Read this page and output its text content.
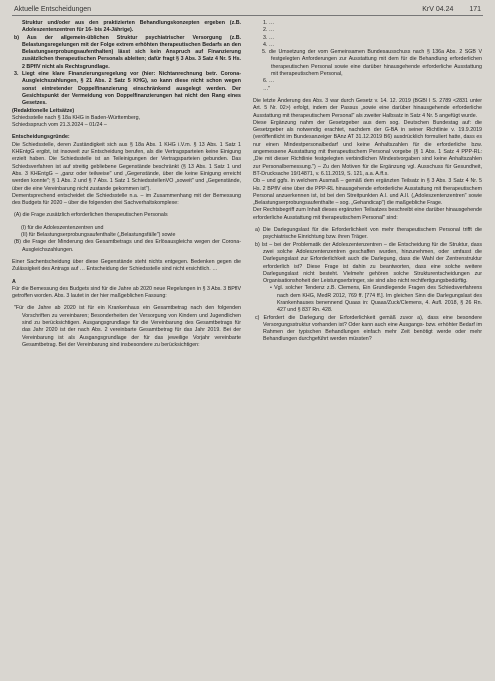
Aktuelle Entscheidungen	KrV 04.24 171

Struktur und/oder aus den praktizierten Behandlungskonzepten ergeben (z.B. Adoleszentenzentren für 16- bis 24-Jährige).

b) Aus der allgemein-üblichen Struktur psychiatrischer Versorgung (z.B. Belastungsregelungen mit der Folge extrem erhöhten therapeutischen Bedarfs an den Belastungserprobungsaufenthalten) lässt sich kein Anspruch auf Finanzierung zusätzlichen therapeutischen Personals ableiten; dafür fragt § 3 Abs. 3 Satz 4 Nr. 5 Hs. 2 BPflV nicht als Rechtsgrundlage.

3. Liegt eine klare Finanzierungsregelung vor (hier: Nichtanrechnung betr. Corona-Ausgleichszahlungen, § 21 Abs. 2 Satz 5 KHG), so kann diese nicht schon wegen sonst eintretender Doppelfinanzierung einschränkend ausgelegt werden. Der Gesichtspunkt der Vermeidung von Doppelfinanzierungen hat nicht den Rang eines Gesetzes.

(Redaktionelle Leitsätze)

Schiedsstelle nach § 18a KHG in Baden-Württemberg,

Schiedsspruch vom 21.3.2024 – 01/24 –

Entscheidungsgründe:

Die Schiedsstelle, deren Zuständigkeit sich aus § 18a Abs. 1 KHG i.V.m. § 13 Abs. 1 Satz 1 KHEntgG ergibt, ist insoweit zur Entscheidung berufen, als die Vertragsparteien keine Einigung erzielt haben. Die Schiedsstelle ist an Teileinigungen der Vertragsparteien gebunden. Das Schiedsverfahren ist auf streitig gebliebene Gegenstände beschränkt (§ 13 Abs. 1 Satz 1 und Abs. 3 KHEntgG – „ganz oder teilweise" und „Gegenstände, über die keine Einigung erreicht werden konnte"; § 1 Abs. 2 und § 7 Abs. 1 Satz 1 SchiedsstellenVO „soweit" und „Gegenstände, über die eine Vereinbarung nicht zustande gekommen ist").

Dementsprechend entscheidet die Schiedsstelle n.a. – im Zusammenhang mit der Bemessung des Budgets für 2020 – über die folgenden drei Sachverhaltskomplexe:

(A) die Frage zusätzlich erforderlichen therapeutischen Personals

(I) für die Adoleszentenzentren und

(II) für Belastungserprobungsaufenthalte („Belastungsfälle") sowie

(B) die Frage der Minderung des Gesamtbetrags und des Erlösausgleichs wegen der Corona-Ausgleichszahlungen.

Einer Sachentscheidung über diese Gegenstände steht nichts entgegen. Bedenken gegen die Zulässigkeit des Antrags auf … Entscheidung der Schiedsstelle sind nicht ersichtlich. …

A

Für die Bemessung des Budgets sind für die Jahre ab 2020 neue Regelungen in § 3 Abs. 3 BPflV getroffen worden. Abs. 3 lautet in der hier maßgeblichen Fassung:

"Für die Jahre ab 2020 ist für ein Krankenhaus ein Gesamtbetrag nach den folgenden Vorschriften zu vereinbaren; Besonderheiten der Versorgung von Kindern und Jugendlichen sind zu berücksichtigen. Ausgangsgrundlage für die Vereinbarung des Gesamtbetrags für das Jahr 2020 ist der nach Abs. 2 vereinbarte Gesamtbetrag für das Jahr 2019. Bei der Vereinbarung ist als Ausgangsgrundlage der für das jeweilige Vorjahr vereinbarte Gesamtbetrag. Bei der Vereinbarung sind insbesondere zu berücksichtigen:

1. …

2. …

3. …

4. …

5. die Umsetzung der vom Gemeinsamen Bundesausschuss nach § 136a Abs. 2 SGB V festgelegten Anforderungen zur Ausstattung mit dem für die Behandlung erforderlichen therapeutischen Personal sowie eine darüber hinausgehende erforderliche Ausstattung mit therapeutischem Personal,

6. …

…"

Die letzte Änderung des Abs. 3 war durch Gesetz v. 14. 12. 2019 (BGBl I S. 2789 <2831 unter Art. 5 Nr. 02>) erfolgt, indem der Passus „sowie eine darüber hinausgehende erforderliche Ausstattung mit therapeutischem Personal" als zweiter Halbsatz in Satz 4 Nr. 5 angefügt wurde.

Diese Ergänzung nahm der Gesetzgeber aus dem sog. Deutschen Bundestag auf: die Gesetzgeber als notwendig erachtet, nachdem der G-BA in seiner Richtlinie v. 19.9.2019 (veröffentlicht im Bundesanzeiger BAnz AT 31.12.2019 B6) ausdrücklich formuliert hatte, dass es nur einen Mindestpersonalbedarf und keine Anhaltszahlen für die erforderliche bzw. angemessene Ausstattung mit therapeutischem Personal vorgebe (§ 1 Abs. 1 Satz 4 PPP-RL: „Die mit dieser Richtlinie festgelegten verbindlichen Mindestvorgaben sind keine Anhaltszahlen zur Personalbemessung.") – Zu den Motiven für die Ergänzung vgl. Ausschuss für Gesundheit, BT-Drucksache 19/14871, v. 6.11.2019, S. 121, a.a. A.ff.s.

Ob – und ggfs. in welchem Ausmaß – gemäß dem ergänzten Teilsatz in § 3 Abs. 3 Satz 4 Nr. 5 Hs. 2 BPflV eine über die PPP-RL hinausgehende erforderliche Ausstattung mit therapeutischem Personal anzuerkennen ist, ist bei den Streitpunkten A.I. und A.II. („Adoleszentenzentren" sowie „Belastungserprobungsaufenthalte – sog. „Gehandicap") die maßgebliche Frage.

Der Rechtsbegriff zum Inhalt dieses ergänzten Teilsatzes beschreibt eine darüber hinausgehende erforderliche Ausstattung mit therapeutischem Personal" sind:

a) Die Darlegungslast für die Erforderlichkeit von mehr therapeutischem Personal trifft die psychiatrische Einrichtung bzw. ihren Träger.

b) Ist – bei der Problematik der Adoleszentenzentren – die Entscheidung für die Struktur, dass zwei solche Adoleszentenzentren geschaffen wurden, hinzunehmen, oder umfasst die Darlegungslast zur Erforderlichkeit auch die Darlegung, dass die Wahl der Zentrenstruktur erforderlich ist? Diese Frage ist dahin zu beantworten, dass eine solche weitere Darlegungslast nicht besteht. Vielmehr gehören solche Strukturentscheidungen zur Organisationshoheit der Leistungserbringer, sie sind also nicht rechtfertigungsbedürftig.

• Vgl. solcher Tendenz z.B. Clemens, Ein Grundlegende Fragen des Schiedsverfahrens nach dem KHG, MedR 2012, 769 ff. [774 ff.]. Im gleichen Sinn die Darlegungslast des Krankenhauses benennend Quaas in: Quaas/Zuck/Clemens, 4. Aufl. 2018, § 26 Rn. 427 und § 837 Rn. 428.

c) Erfordert die Darlegung der Erforderlichkeit gemäß zuvor a), dass eine besondere Versorgungsstruktur vorhanden ist? Oder kann auch eine Ausgangs- bzw. erhöhter Bedarf im Rahmen der typischen Behandlungen einfach mehr Zeit benötigt werde oder mehr Behandlungen durchgeführt werden müssten?
